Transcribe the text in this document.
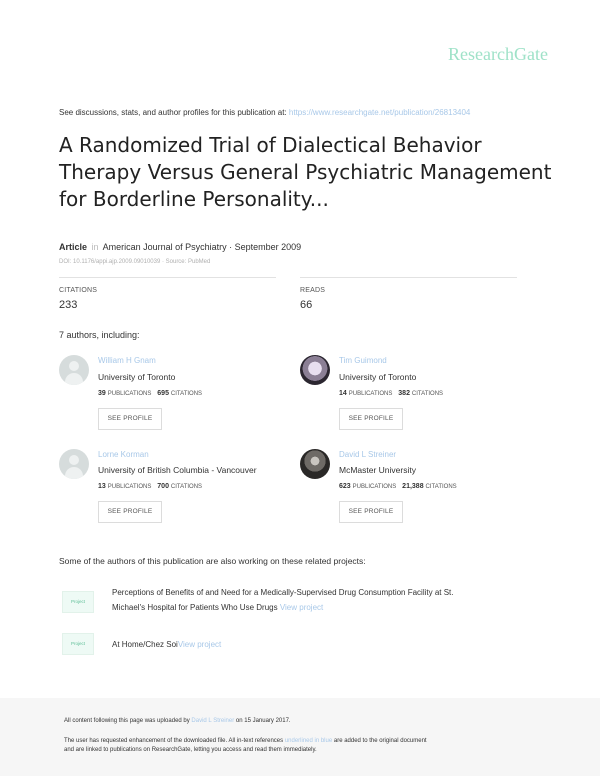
ResearchGate
See discussions, stats, and author profiles for this publication at: https://www.researchgate.net/publication/26813404
A Randomized Trial of Dialectical Behavior
Therapy Versus General Psychiatric Management
for Borderline Personality...
Article in American Journal of Psychiatry · September 2009
DOI: 10.1176/appi.ajp.2009.09010039 · Source: PubMed
CITATIONS
233
READS
66
7 authors, including:
William H Gnam
University of Toronto
39 PUBLICATIONS 695 CITATIONS
SEE PROFILE
Tim Guimond
University of Toronto
14 PUBLICATIONS 382 CITATIONS
SEE PROFILE
Lorne Korman
University of British Columbia - Vancouver
13 PUBLICATIONS 700 CITATIONS
SEE PROFILE
David L Streiner
McMaster University
623 PUBLICATIONS 21,388 CITATIONS
SEE PROFILE
Some of the authors of this publication are also working on these related projects:
Project
Perceptions of Benefits of and Need for a Medically-Supervised Drug Consumption Facility at St.
Michael's Hospital for Patients Who Use Drugs View project
Project	At Home/Chez SoiView project
All content following this page was uploaded by David L Streiner on 15 January 2017.
The user has requested enhancement of the downloaded file. All in-text references underlined in blue are added to the original document
and are linked to publications on ResearchGate, letting you access and read them immediately.
